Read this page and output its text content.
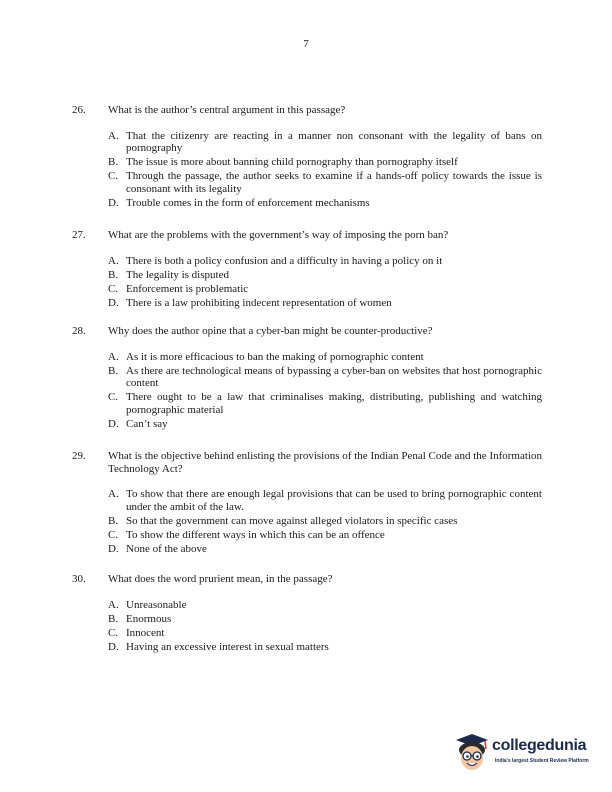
7
26.	What is the author’s central argument in this passage?
A. That the citizenry are reacting in a manner non consonant with the legality of bans on pornography
B. The issue is more about banning child pornography than pornography itself
C. Through the passage, the author seeks to examine if a hands-off policy towards the issue is consonant with its legality
D. Trouble comes in the form of enforcement mechanisms
27.	What are the problems with the government’s way of imposing the porn ban?
A. There is both a policy confusion and a difficulty in having a policy on it
B. The legality is disputed
C. Enforcement is problematic
D. There is a law prohibiting indecent representation of women
28.	Why does the author opine that a cyber-ban might be counter-productive?
A. As it is more efficacious to ban the making of pornographic content
B. As there are technological means of bypassing a cyber-ban on websites that host pornographic content
C. There ought to be a law that criminalises making, distributing, publishing and watching pornographic material
D. Can’t say
29.	What is the objective behind enlisting the provisions of the Indian Penal Code and the Information Technology Act?
A. To show that there are enough legal provisions that can be used to bring pornographic content under the ambit of the law.
B. So that the government can move against alleged violators in specific cases
C. To show the different ways in which this can be an offence
D. None of the above
30.	What does the word prurient mean, in the passage?
A. Unreasonable
B. Enormous
C. Innocent
D. Having an excessive interest in sexual matters
collegedunia
India's largest Student Review Platform
